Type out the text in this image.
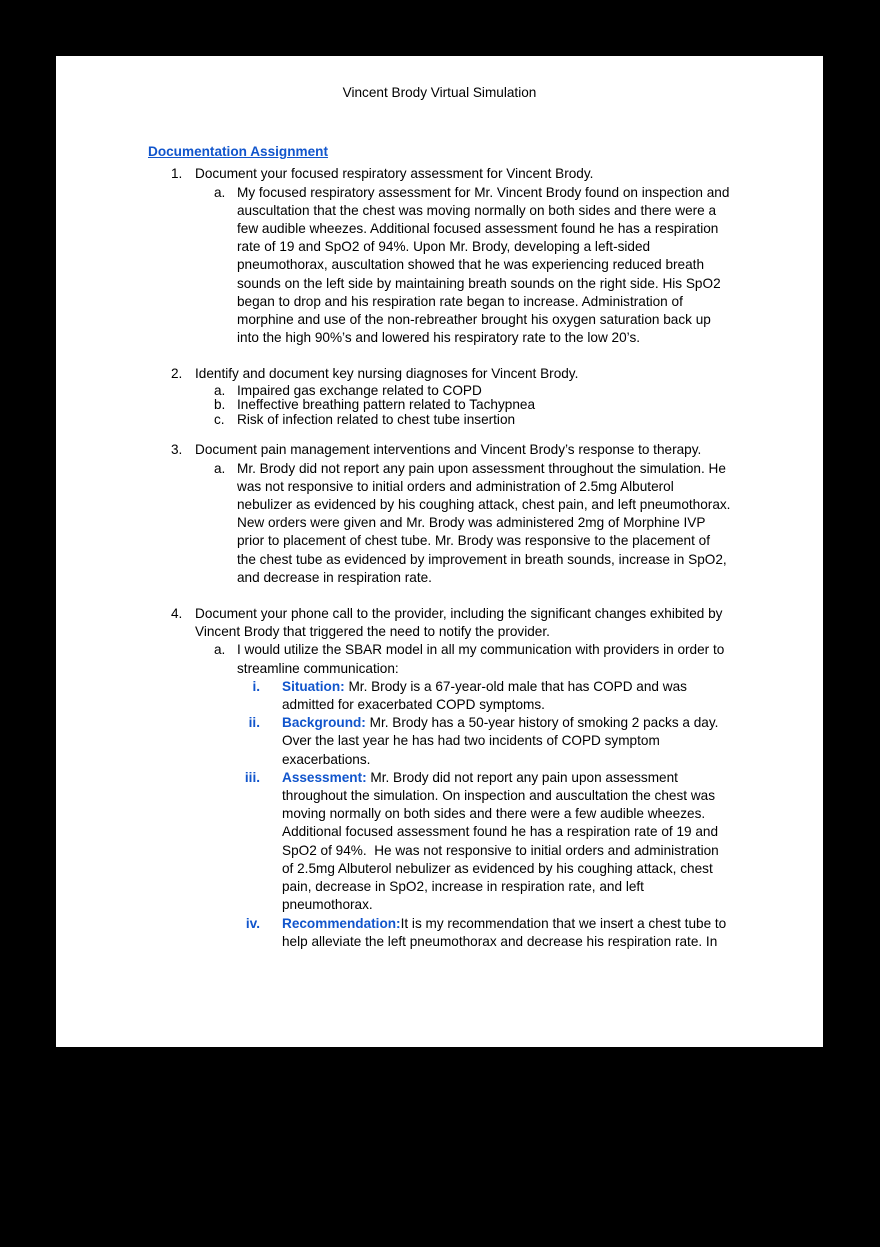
Vincent Brody Virtual Simulation
Documentation Assignment
1. Document your focused respiratory assessment for Vincent Brody.
a. My focused respiratory assessment for Mr. Vincent Brody found on inspection and auscultation that the chest was moving normally on both sides and there were a few audible wheezes. Additional focused assessment found he has a respiration rate of 19 and SpO2 of 94%. Upon Mr. Brody, developing a left-sided pneumothorax, auscultation showed that he was experiencing reduced breath sounds on the left side by maintaining breath sounds on the right side. His SpO2 began to drop and his respiration rate began to increase. Administration of morphine and use of the non-rebreather brought his oxygen saturation back up into the high 90%’s and lowered his respiratory rate to the low 20’s.
2. Identify and document key nursing diagnoses for Vincent Brody.
a. Impaired gas exchange related to COPD
b. Ineffective breathing pattern related to Tachypnea
c. Risk of infection related to chest tube insertion
3. Document pain management interventions and Vincent Brody’s response to therapy.
a. Mr. Brody did not report any pain upon assessment throughout the simulation. He was not responsive to initial orders and administration of 2.5mg Albuterol nebulizer as evidenced by his coughing attack, chest pain, and left pneumothorax. New orders were given and Mr. Brody was administered 2mg of Morphine IVP prior to placement of chest tube. Mr. Brody was responsive to the placement of the chest tube as evidenced by improvement in breath sounds, increase in SpO2, and decrease in respiration rate.
4. Document your phone call to the provider, including the significant changes exhibited by Vincent Brody that triggered the need to notify the provider.
a. I would utilize the SBAR model in all my communication with providers in order to streamline communication:
i. Situation: Mr. Brody is a 67-year-old male that has COPD and was admitted for exacerbated COPD symptoms.
ii. Background: Mr. Brody has a 50-year history of smoking 2 packs a day. Over the last year he has had two incidents of COPD symptom exacerbations.
iii. Assessment: Mr. Brody did not report any pain upon assessment throughout the simulation. On inspection and auscultation the chest was moving normally on both sides and there were a few audible wheezes. Additional focused assessment found he has a respiration rate of 19 and SpO2 of 94%.  He was not responsive to initial orders and administration of 2.5mg Albuterol nebulizer as evidenced by his coughing attack, chest pain, decrease in SpO2, increase in respiration rate, and left pneumothorax.
iv. Recommendation:It is my recommendation that we insert a chest tube to help alleviate the left pneumothorax and decrease his respiration rate. In
